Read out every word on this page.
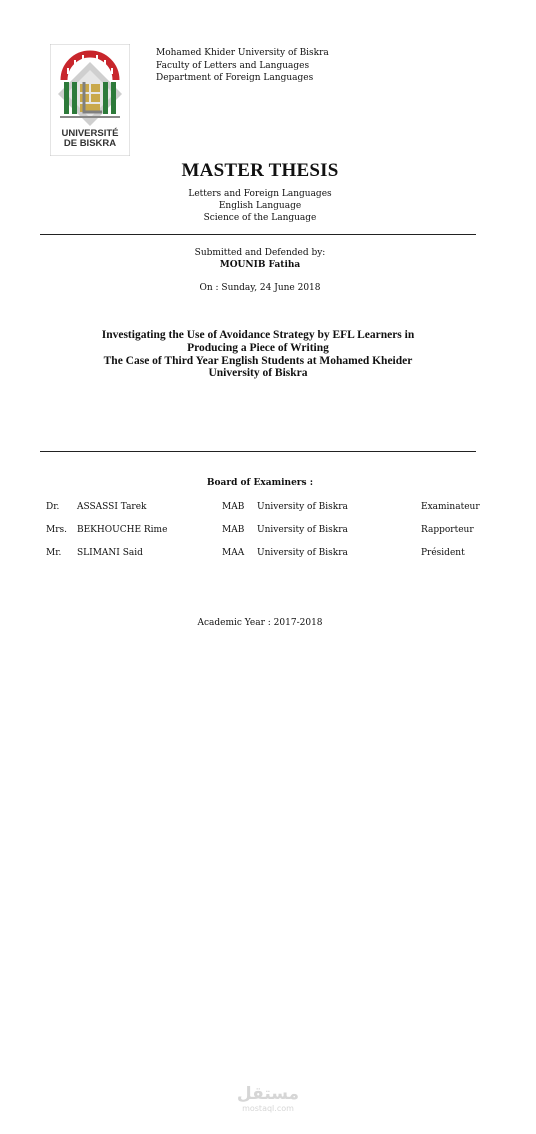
UNIVERSITÉ
DE BISKRA
Mohamed Khider University of Biskra
Faculty of Letters and Languages
Department of Foreign Languages
MASTER THESIS
Letters and Foreign Languages
English Language
Science of the Language
Submitted and Defended by:
MOUNIB Fatiha
On : Sunday, 24 June 2018
Investigating the Use of Avoidance Strategy by EFL Learners in
Producing a Piece of Writing
The Case of Third Year English Students at Mohamed Kheider
University of Biskra
Board of Examiners :
Dr. ASSASSI Tarek	MAB University of Biskra	Examinateur
Mrs. BEKHOUCHE Rime	MAB University of Biskra	Rapporteur
Mr. SLIMANI Said	MAA University of Biskra	Président
Academic Year : 2017-2018
مستقل
mostaql.com
